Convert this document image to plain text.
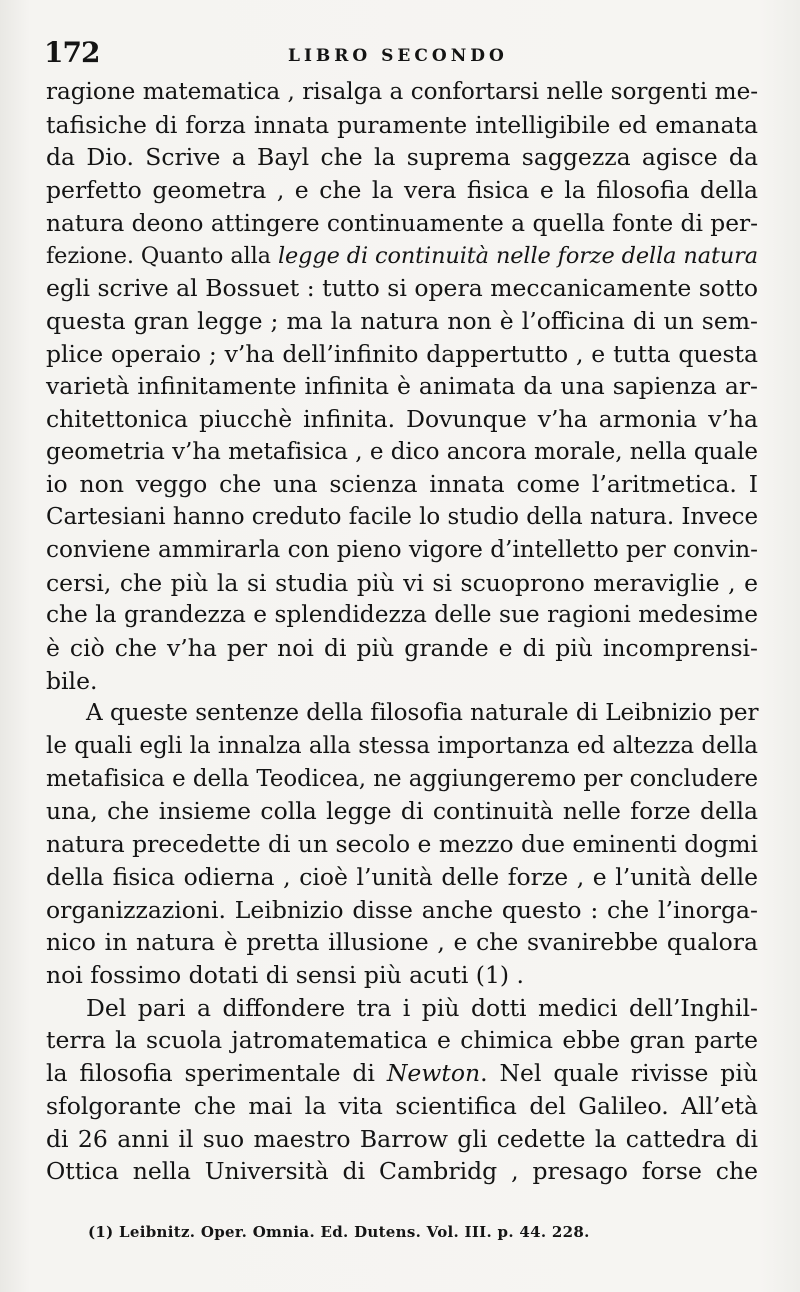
172	LIBRO SECONDO

ragione matematica , risalga a confortarsi nelle sorgenti me-
tafisiche di forza innata puramente intelligibile ed emanata
da Dio. Scrive a Bayl che la suprema saggezza agisce da
perfetto geometra , e che la vera fisica e la filosofia della
natura deono attingere continuamente a quella fonte di per-
fezione. Quanto alla legge di continuità nelle forze della natura
egli scrive al Bossuet : tutto si opera meccanicamente sotto
questa gran legge ; ma la natura non è l’officina di un sem-
plice operaio ; v’ha dell’infinito dappertutto , e tutta questa
varietà infinitamente infinita è animata da una sapienza ar-
chitettonica piucchè infinita. Dovunque v’ha armonia v’ha
geometria v’ha metafisica , e dico ancora morale, nella quale
io non veggo che una scienza innata come l’aritmetica. I
Cartesiani hanno creduto facile lo studio della natura. Invece
conviene ammirarla con pieno vigore d’intelletto per convin-
cersi, che più la si studia più vi si scuoprono meraviglie , e
che la grandezza e splendidezza delle sue ragioni medesime
è ciò che v’ha per noi di più grande e di più incomprensi-
bile.

A queste sentenze della filosofia naturale di Leibnizio per
le quali egli la innalza alla stessa importanza ed altezza della
metafisica e della Teodicea, ne aggiungeremo per concludere
una, che insieme colla legge di continuità nelle forze della
natura precedette di un secolo e mezzo due eminenti dogmi
della fisica odierna , cioè l’unità delle forze , e l’unità delle
organizzazioni. Leibnizio disse anche questo : che l’inorga-
nico in natura è pretta illusione , e che svanirebbe qualora
noi fossimo dotati di sensi più acuti (1) .

Del pari a diffondere tra i più dotti medici dell’Inghil-
terra la scuola jatromatematica e chimica ebbe gran parte
la filosofia sperimentale di Newton. Nel quale rivisse più
sfolgorante che mai la vita scientifica del Galileo. All’età
di 26 anni il suo maestro Barrow gli cedette la cattedra di
Ottica nella Università di Cambridg , presago forse che

(1) Leibnitz. Oper. Omnia. Ed. Dutens. Vol. III. p. 44. 228.
